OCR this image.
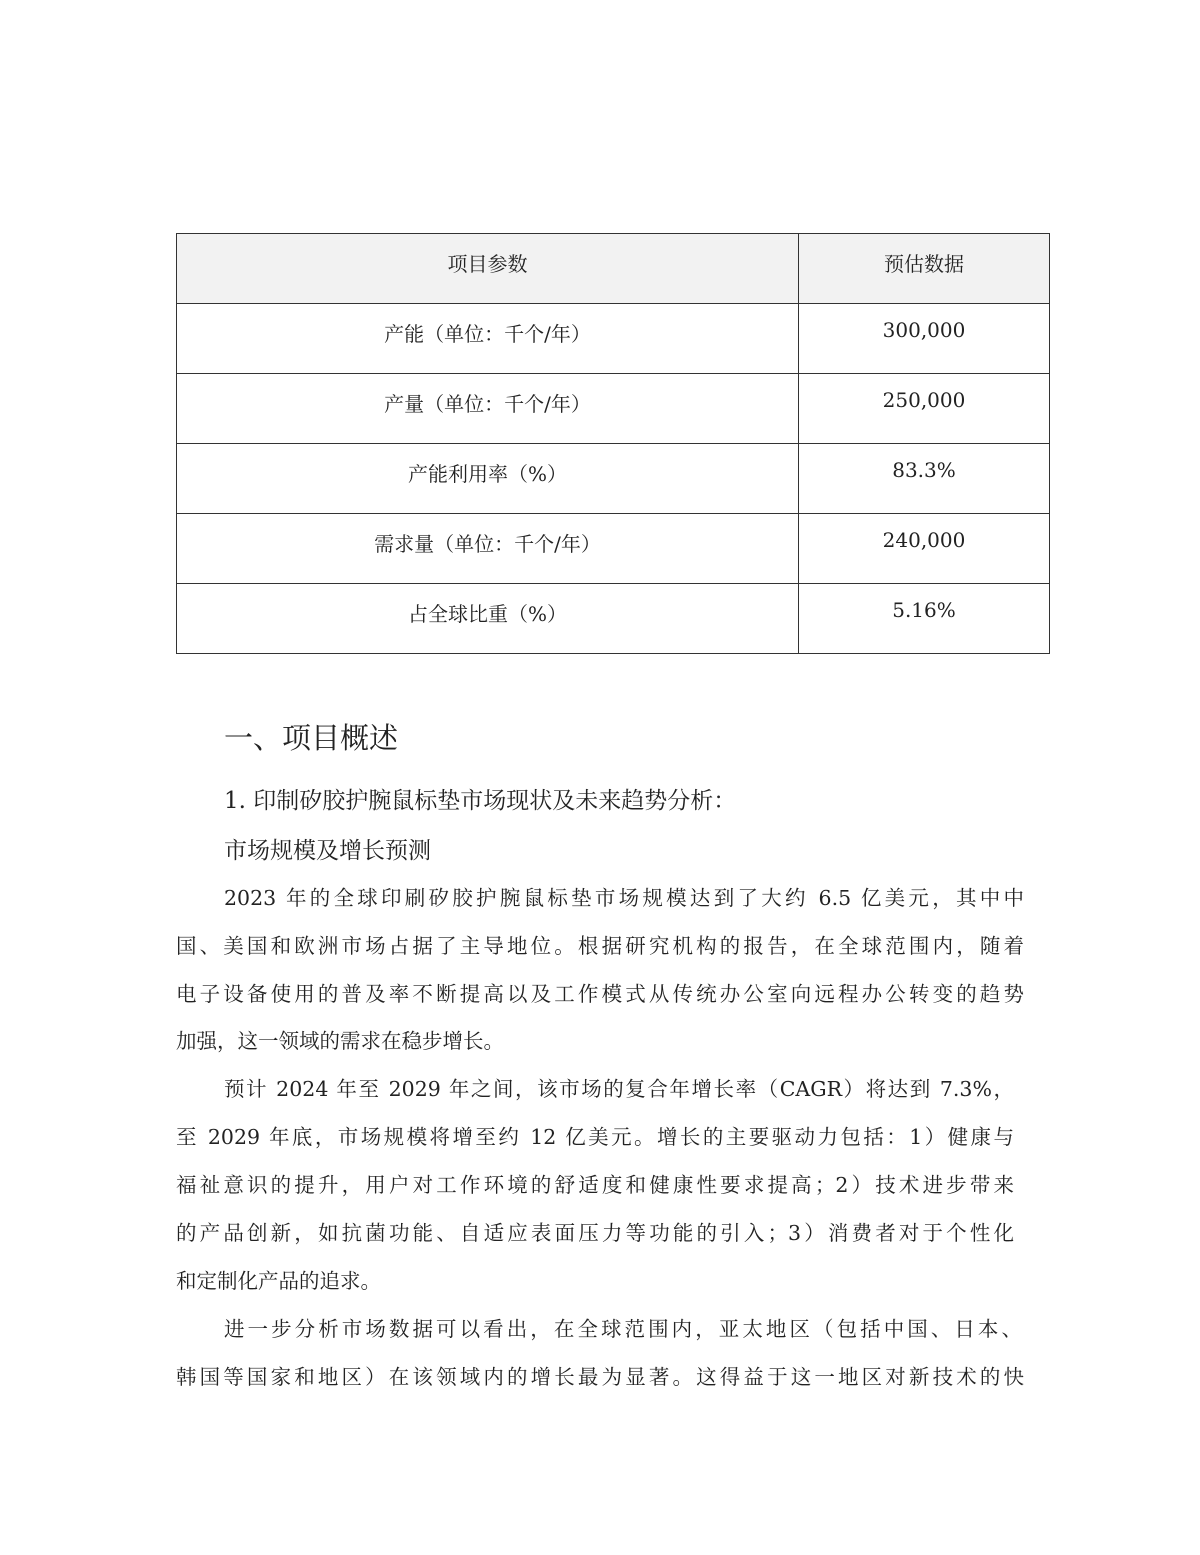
项目参数	预估数据
产能（单位：千个/年）	300,000
产量（单位：千个/年）	250,000
产能利用率（%）	83.3%
需求量（单位：千个/年）	240,000
占全球比重（%）	5.16%
一、项目概述
1. 印制矽胶护腕鼠标垫市场现状及未来趋势分析：
市场规模及增长预测
2023 年的全球印刷矽胶护腕鼠标垫市场规模达到了大约 6.5 亿美元，其中中
国、美国和欧洲市场占据了主导地位。根据研究机构的报告，在全球范围内，随着
电子设备使用的普及率不断提高以及工作模式从传统办公室向远程办公转变的趋势
加强，这一领域的需求在稳步增长。
预计 2024 年至 2029 年之间，该市场的复合年增长率（CAGR）将达到 7.3%，
至 2029 年底，市场规模将增至约 12 亿美元。增长的主要驱动力包括：1）健康与
福祉意识的提升，用户对工作环境的舒适度和健康性要求提高；2）技术进步带来
的产品创新，如抗菌功能、自适应表面压力等功能的引入；3）消费者对于个性化
和定制化产品的追求。
进一步分析市场数据可以看出，在全球范围内，亚太地区（包括中国、日本、
韩国等国家和地区）在该领域内的增长最为显著。这得益于这一地区对新技术的快
